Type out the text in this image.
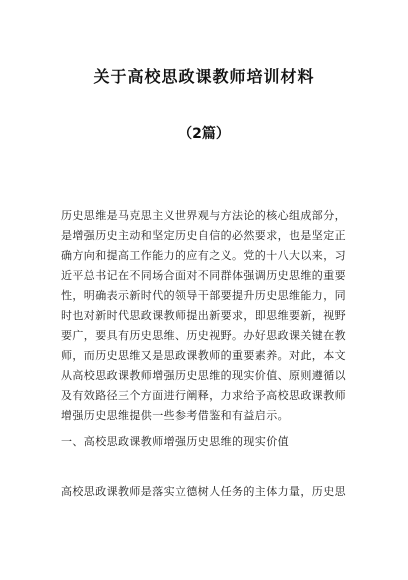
关于高校思政课教师培训材料
（2篇）
历史思维是马克思主义世界观与方法论的核心组成部分，
是增强历史主动和坚定历史自信的必然要求，也是坚定正
确方向和提高工作能力的应有之义。党的十八大以来，习
近平总书记在不同场合面对不同群体强调历史思维的重要
性，明确表示新时代的领导干部要提升历史思维能力，同
时也对新时代思政课教师提出新要求，即思维要新，视野
要广，要具有历史思维、历史视野。办好思政课关键在教
师，而历史思维又是思政课教师的重要素养。对此，本文
从高校思政课教师增强历史思维的现实价值、原则遵循以
及有效路径三个方面进行阐释，力求给予高校思政课教师
增强历史思维提供一些参考借鉴和有益启示。
一、高校思政课教师增强历史思维的现实价值
高校思政课教师是落实立德树人任务的主体力量，历史思
